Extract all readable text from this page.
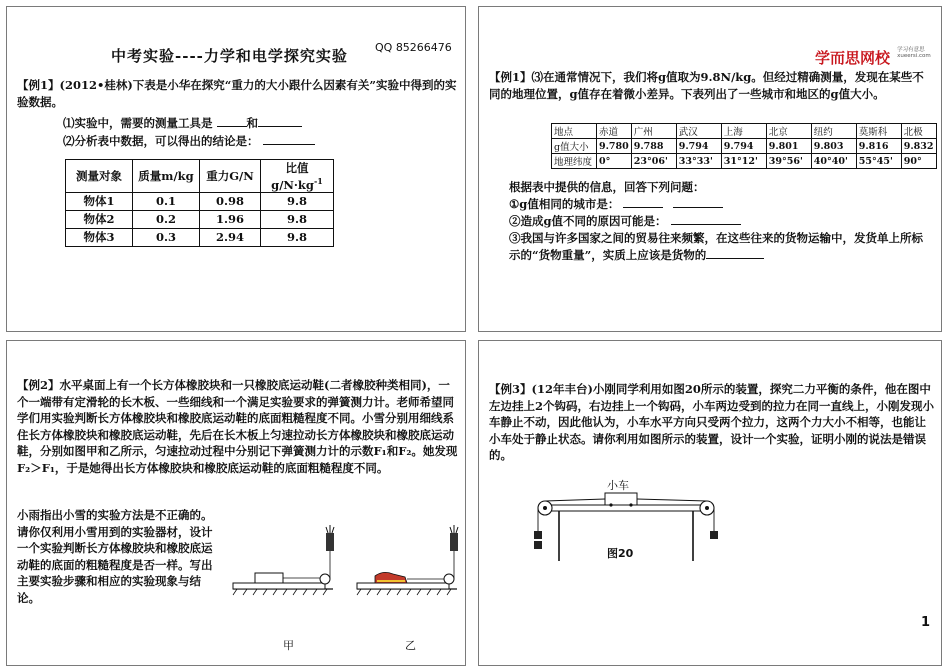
中考实验----力学和电学探究实验 QQ 85266476
【例1】(2012•桂林)下表是小华在探究“重力的大小跟什么因素有关”实验中得到的实验数据。
⑴实验中，需要的测量工具是	和
⑵分析表中数据，可以得出的结论是：
测量对象	质量m/kg	重力G/N	比值$g/N\cdot kg^{-1}$
物体1	0.1	0.98	9.8
物体2	0.2	1.96	9.8
物体3	0.3	2.94	9.8
学而思网校 学习有意思
xueersi.com
【例1】⑶在通常情况下，我们将g值取为9.8N/kg。但经过精确测量，发现在某些不同的地理位置，g值存在着微小差异。下表列出了一些城市和地区的g值大小。
地点	赤道	广州	武汉	上海	北京	纽约	莫斯科	北极
g值大小	9.780	9.788	9.794	9.794	9.801	9.803	9.816	9.832
地理纬度	0°	23°06'	33°33'	31°12'	39°56'	40°40'	55°45'	90°
根据表中提供的信息，回答下列问题：
①g值相同的城市是：
②造成g值不同的原因可能是：
③我国与许多国家之间的贸易往来频繁，在这些往来的货物运输中，发货单上所标示的“货物重量”，实质上应该是货物的
【例2】水平桌面上有一个长方体橡胶块和一只橡胶底运动鞋(二者橡胶种类相同)，一个一端带有定滑轮的长木板、一些细线和一个满足实验要求的弹簧测力计。老师希望同学们用实验判断长方体橡胶块和橡胶底运动鞋的底面粗糙程度不同。小雪分别用细线系住长方体橡胶块和橡胶底运动鞋，先后在长木板上匀速拉动长方体橡胶块和橡胶底运动鞋，分别如图甲和乙所示，匀速拉动过程中分别记下弹簧测力计的示数F₁和F₂。她发现F₂＞F₁，于是她得出长方体橡胶块和橡胶底运动鞋的底面粗糙程度不同。
小雨指出小雪的实验方法是不正确的。请你仅利用小雪用到的实验器材，设计一个实验判断长方体橡胶块和橡胶底运动鞋的底面的粗糙程度是否一样。写出主要实验步骤和相应的实验现象与结论。
甲	乙
【例3】(12年丰台)小刚同学利用如图20所示的装置，探究二力平衡的条件，他在图中左边挂上2个钩码，右边挂上一个钩码，小车两边受到的拉力在同一直线上，小刚发现小车静止不动，因此他认为，小车水平方向只受两个拉力，这两个力大小不相等，也能让小车处于静止状态。请你利用如图所示的装置，设计一个实验，证明小刚的说法是错误的。
小车
图20
1
